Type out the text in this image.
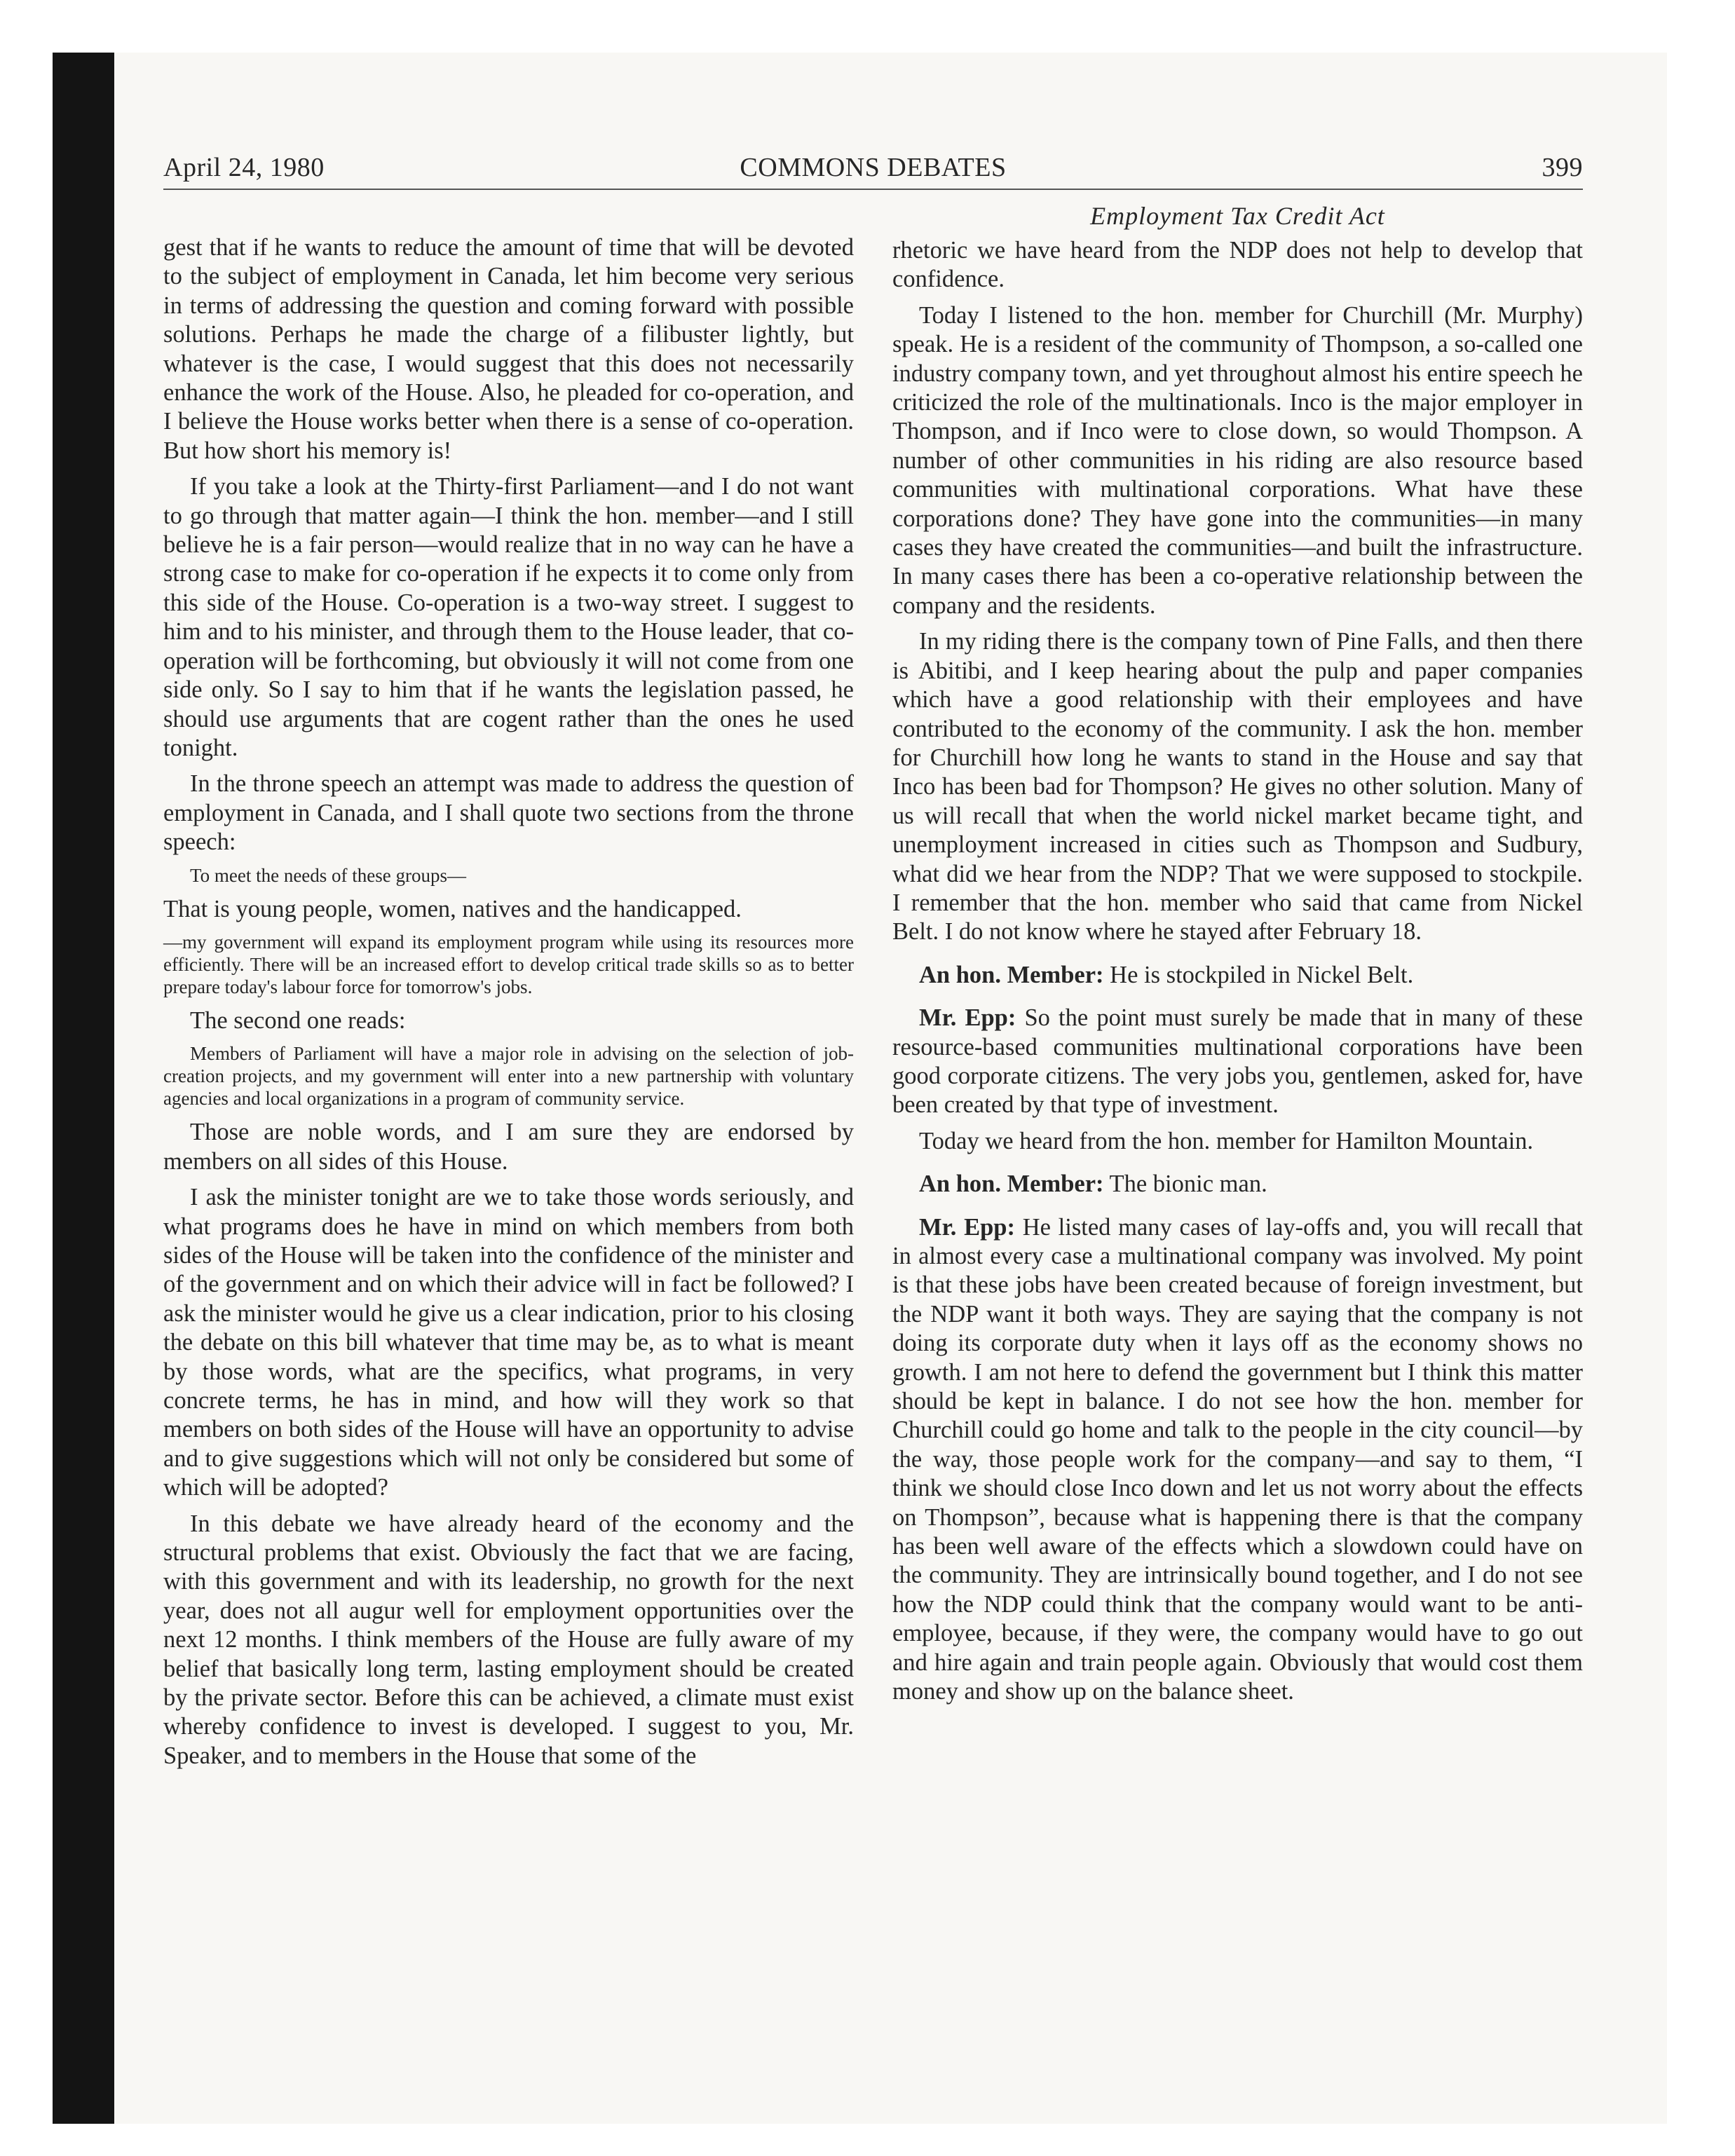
April 24, 1980	COMMONS DEBATES	399
Employment Tax Credit Act

gest that if he wants to reduce the amount of time that will be devoted to the subject of employment in Canada, let him become very serious in terms of addressing the question and coming forward with possible solutions. Perhaps he made the charge of a filibuster lightly, but whatever is the case, I would suggest that this does not necessarily enhance the work of the House. Also, he pleaded for co-operation, and I believe the House works better when there is a sense of co-operation. But how short his memory is!

If you take a look at the Thirty-first Parliament—and I do not want to go through that matter again—I think the hon. member—and I still believe he is a fair person—would realize that in no way can he have a strong case to make for co-operation if he expects it to come only from this side of the House. Co-operation is a two-way street. I suggest to him and to his minister, and through them to the House leader, that co-operation will be forthcoming, but obviously it will not come from one side only. So I say to him that if he wants the legislation passed, he should use arguments that are cogent rather than the ones he used tonight.

In the throne speech an attempt was made to address the question of employment in Canada, and I shall quote two sections from the throne speech:

To meet the needs of these groups—

That is young people, women, natives and the handicapped.

—my government will expand its employment program while using its resources more efficiently. There will be an increased effort to develop critical trade skills so as to better prepare today's labour force for tomorrow's jobs.

The second one reads:

Members of Parliament will have a major role in advising on the selection of job-creation projects, and my government will enter into a new partnership with voluntary agencies and local organizations in a program of community service.

Those are noble words, and I am sure they are endorsed by members on all sides of this House.

I ask the minister tonight are we to take those words seriously, and what programs does he have in mind on which members from both sides of the House will be taken into the confidence of the minister and of the government and on which their advice will in fact be followed? I ask the minister would he give us a clear indication, prior to his closing the debate on this bill whatever that time may be, as to what is meant by those words, what are the specifics, what programs, in very concrete terms, he has in mind, and how will they work so that members on both sides of the House will have an opportunity to advise and to give suggestions which will not only be considered but some of which will be adopted?

In this debate we have already heard of the economy and the structural problems that exist. Obviously the fact that we are facing, with this government and with its leadership, no growth for the next year, does not all augur well for employment opportunities over the next 12 months. I think members of the House are fully aware of my belief that basically long term, lasting employment should be created by the private sector. Before this can be achieved, a climate must exist whereby confidence to invest is developed. I suggest to you, Mr. Speaker, and to members in the House that some of the

rhetoric we have heard from the NDP does not help to develop that confidence.

Today I listened to the hon. member for Churchill (Mr. Murphy) speak. He is a resident of the community of Thompson, a so-called one industry company town, and yet throughout almost his entire speech he criticized the role of the multinationals. Inco is the major employer in Thompson, and if Inco were to close down, so would Thompson. A number of other communities in his riding are also resource based communities with multinational corporations. What have these corporations done? They have gone into the communities—in many cases they have created the communities—and built the infrastructure. In many cases there has been a co-operative relationship between the company and the residents.

In my riding there is the company town of Pine Falls, and then there is Abitibi, and I keep hearing about the pulp and paper companies which have a good relationship with their employees and have contributed to the economy of the community. I ask the hon. member for Churchill how long he wants to stand in the House and say that Inco has been bad for Thompson? He gives no other solution. Many of us will recall that when the world nickel market became tight, and unemployment increased in cities such as Thompson and Sudbury, what did we hear from the NDP? That we were supposed to stockpile. I remember that the hon. member who said that came from Nickel Belt. I do not know where he stayed after February 18.

An hon. Member: He is stockpiled in Nickel Belt.

Mr. Epp: So the point must surely be made that in many of these resource-based communities multinational corporations have been good corporate citizens. The very jobs you, gentlemen, asked for, have been created by that type of investment.

Today we heard from the hon. member for Hamilton Mountain.

An hon. Member: The bionic man.

Mr. Epp: He listed many cases of lay-offs and, you will recall that in almost every case a multinational company was involved. My point is that these jobs have been created because of foreign investment, but the NDP want it both ways. They are saying that the company is not doing its corporate duty when it lays off as the economy shows no growth. I am not here to defend the government but I think this matter should be kept in balance. I do not see how the hon. member for Churchill could go home and talk to the people in the city council—by the way, those people work for the company—and say to them, “I think we should close Inco down and let us not worry about the effects on Thompson”, because what is happening there is that the company has been well aware of the effects which a slowdown could have on the community. They are intrinsically bound together, and I do not see how the NDP could think that the company would want to be anti-employee, because, if they were, the company would have to go out and hire again and train people again. Obviously that would cost them money and show up on the balance sheet.
